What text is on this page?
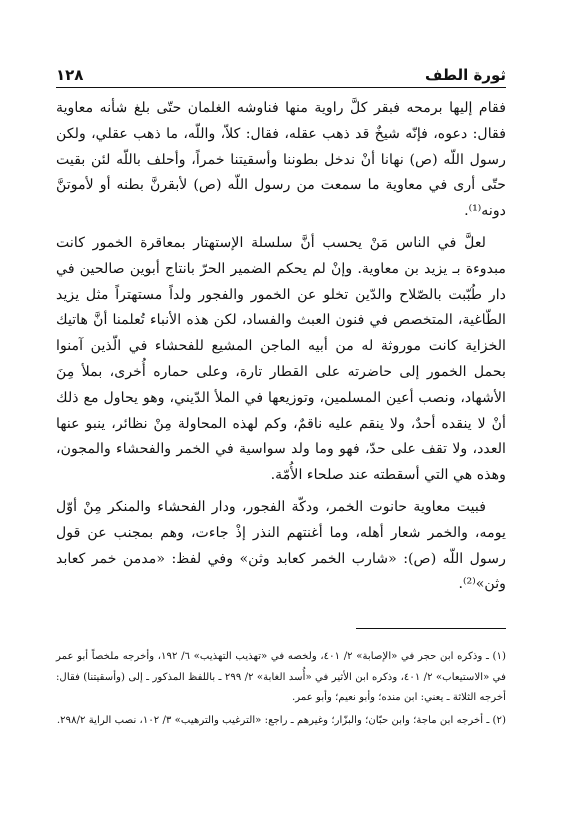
ثورة الطف
١٢٨

فقام إليها برمحه فبقر كلَّ راوية منها فناوشه الغلمان حتّى بلغ شأنه معاوية فقال: دعوه، فإنّه شيخٌ قد ذهب عقله، فقال: كلاّ، واللّه، ما ذهب عقلي، ولكن رسول اللّه (ص) نهانا أنْ ندخل بطوننا وأسقيتنا خمراً، وأحلف باللّه لئن بقيت حتّى أرى في معاوية ما سمعت من رسول اللّه (ص) لأبقرنَّ بطنه أو لأموتنَّ دونه⁽¹⁾.

لعلَّ في الناس مَنْ يحسب أنَّ سلسلة الإستهتار بمعاقرة الخمور كانت مبدوءة بـ يزيد بن معاوية. وإنْ لم يحكم الضمير الحرّ بانتاج أبوين صالحين في دار طُبّبت بالصّلاح والدّين تخلو عن الخمور والفجور ولداً مستهتراً مثل يزيد الطّاغية، المتخصص في فنون العبث والفساد، لكن هذه الأنباء تُعلمنا أنَّ هاتيك الخزاية كانت موروثة له من أبيه الماجن المشيع للفحشاء في الّذين آمنوا بحمل الخمور إلى حاضرته على القطار تارة، وعلى حماره أُخرى، بملأ مِنَ الأشهاد، ونصب أعين المسلمين، وتوزيعها في الملأ الدّيني، وهو يحاول مع ذلك أنْ لا ينقده أحدٌ، ولا ينقم عليه ناقمٌ، وكم لهذه المحاولة مِنْ نظائر، ينبو عنها العدد، ولا تقف على حدّ، فهو وما ولد سواسية في الخمر والفحشاء والمجون، وهذه هي التي أسقطته عند صلحاء الأُمّة.

فبيت معاوية حانوت الخمر، ودكّة الفجور، ودار الفحشاء والمنكر مِنْ أوّل يومه، والخمر شعار أهله، وما أغنتهم النذر إذْ جاءت، وهم بمجنب عن قول رسول اللّه (ص): «شارب الخمر كعابد وثن» وفي لفظ: «مدمن خمر كعابد وثن»⁽²⁾.

(١) ـ وذكره ابن حجر في «الإصابة» ٢/ ٤٠١، ولخصه في «تهذيب التهذيب» ٦/ ١٩٢، وأخرجه ملخصاً أبو عمر في «الاستيعاب» ٢/ ٤٠١، وذكره ابن الأثير في «أُسد الغابة» ٢/ ٢٩٩ ـ باللفظ المذكور ـ إلى (وأسقيتنا) فقال: أخرجه الثلاثة ـ يعني: ابن منده؛ وأبو نعيم؛ وأبو عمر.

(٢) ـ أخرجه ابن ماجة؛ وابن حبّان؛ والبزّار؛ وغيرهم ـ راجع: «الترغيب والترهيب» ٣/ ١٠٢، نصب الراية ٢٩٨/٢.
